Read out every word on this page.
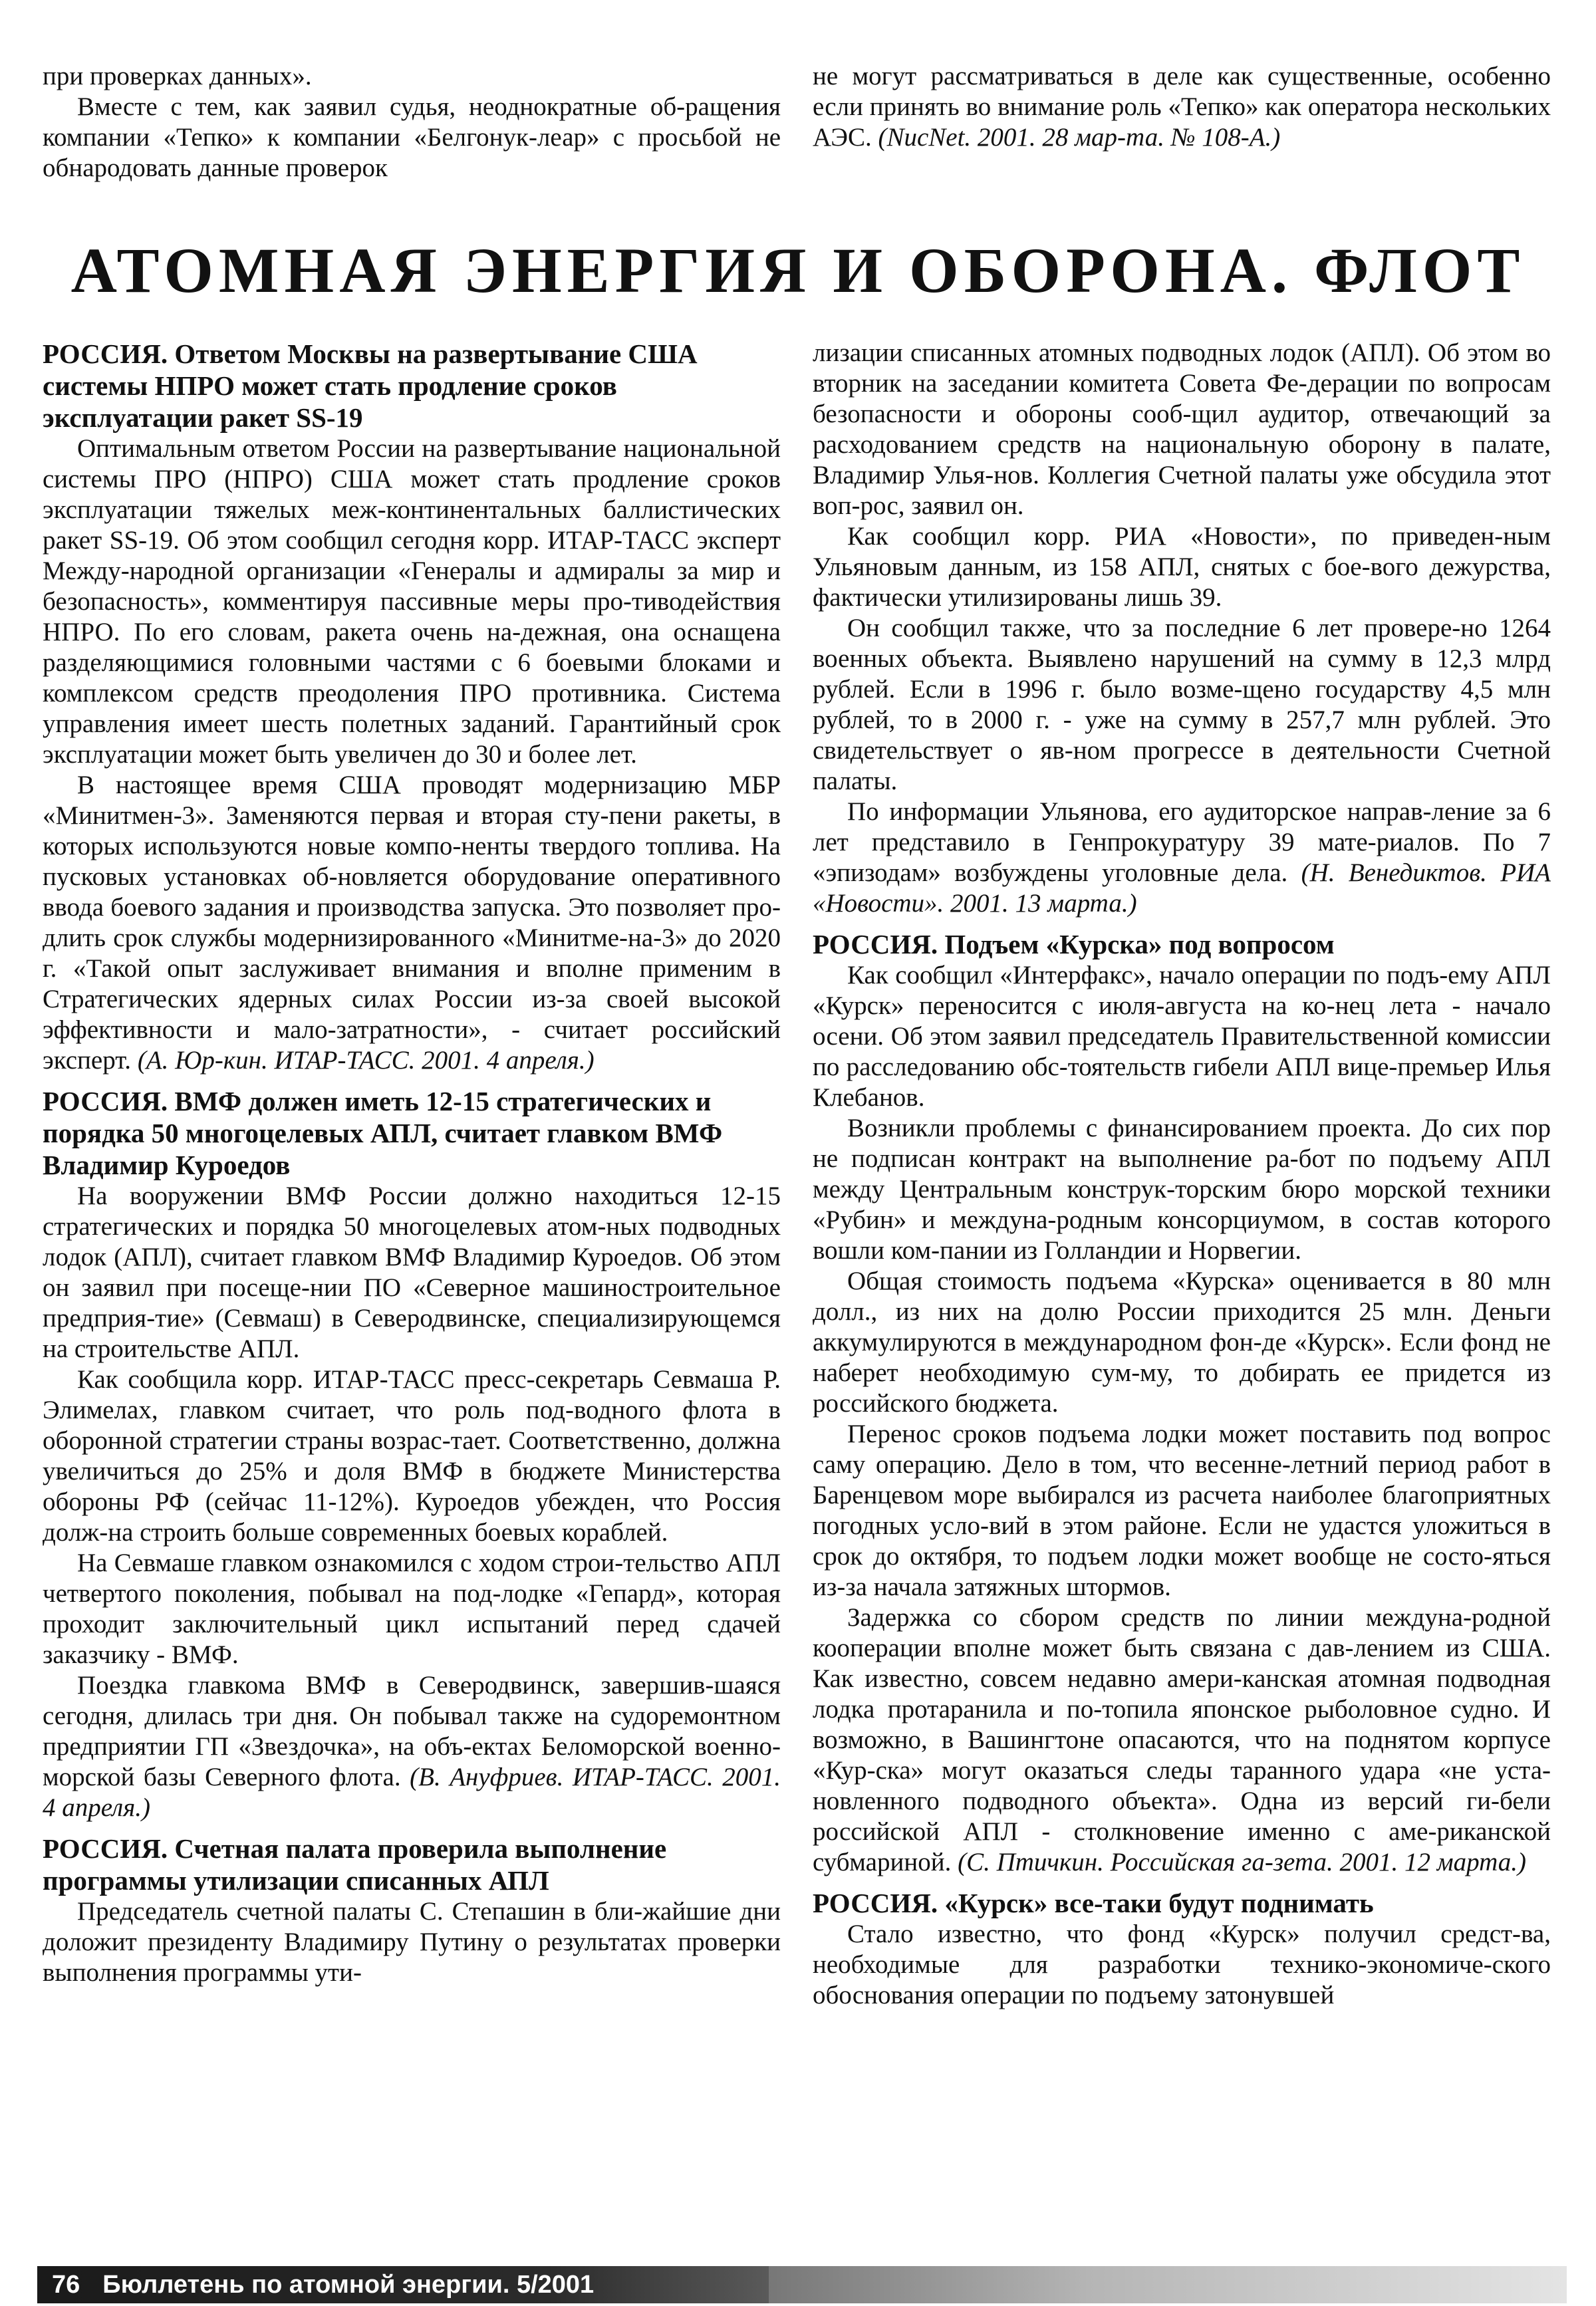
при проверках данных».

Вместе с тем, как заявил судья, неоднократные об-ращения компании «Тепко» к компании «Белгонук-леар» с просьбой не обнародовать данные проверок

не могут рассматриваться в деле как существенные, особенно если принять во внимание роль «Тепко» как оператора нескольких АЭС. (NucNet. 2001. 28 мар-та. № 108-А.)

АТОМНАЯ ЭНЕРГИЯ И ОБОРОНА. ФЛОТ
РОССИЯ. Ответом Москвы на развертывание США системы НПРО может стать продление сроков эксплуатации ракет SS-19

Оптимальным ответом России на развертывание национальной системы ПРО (НПРО) США может стать продление сроков эксплуатации тяжелых меж-континентальных баллистических ракет SS-19. Об этом сообщил сегодня корр. ИТАР-ТАСС эксперт Между-народной организации «Генералы и адмиралы за мир и безопасность», комментируя пассивные меры про-тиводействия НПРО. По его словам, ракета очень на-дежная, она оснащена разделяющимися головными частями с 6 боевыми блоками и комплексом средств преодоления ПРО противника. Система управления имеет шесть полетных заданий. Гарантийный срок эксплуатации может быть увеличен до 30 и более лет.

В настоящее время США проводят модернизацию МБР «Минитмен-3». Заменяются первая и вторая сту-пени ракеты, в которых используются новые компо-ненты твердого топлива. На пусковых установках об-новляется оборудование оперативного ввода боевого задания и производства запуска. Это позволяет про-длить срок службы модернизированного «Минитме-на-3» до 2020 г. «Такой опыт заслуживает внимания и вполне применим в Стратегических ядерных силах России из-за своей высокой эффективности и мало-затратности», - считает российский эксперт. (А. Юр-кин. ИТАР-ТАСС. 2001. 4 апреля.)

РОССИЯ. ВМФ должен иметь 12-15 стратегических и порядка 50 многоцелевых АПЛ, считает главком ВМФ Владимир Куроедов

На вооружении ВМФ России должно находиться 12-15 стратегических и порядка 50 многоцелевых атом-ных подводных лодок (АПЛ), считает главком ВМФ Владимир Куроедов. Об этом он заявил при посеще-нии ПО «Северное машиностроительное предприя-тие» (Севмаш) в Северодвинске, специализирующемся на строительстве АПЛ.

Как сообщила корр. ИТАР-ТАСС пресс-секретарь Севмаша Р. Элимелах, главком считает, что роль под-водного флота в оборонной стратегии страны возрас-тает. Соответственно, должна увеличиться до 25% и доля ВМФ в бюджете Министерства обороны РФ (сейчас 11-12%). Куроедов убежден, что Россия долж-на строить больше современных боевых кораблей.

На Севмаше главком ознакомился с ходом строи-тельство АПЛ четвертого поколения, побывал на под-лодке «Гепард», которая проходит заключительный цикл испытаний перед сдачей заказчику - ВМФ.

Поездка главкома ВМФ в Северодвинск, завершив-шаяся сегодня, длилась три дня. Он побывал также на судоремонтном предприятии ГП «Звездочка», на объ-ектах Беломорской военно-морской базы Северного флота. (В. Ануфриев. ИТАР-ТАСС. 2001. 4 апреля.)

РОССИЯ. Счетная палата проверила выполнение программы утилизации списанных АПЛ

Председатель счетной палаты С. Степашин в бли-жайшие дни доложит президенту Владимиру Путину о результатах проверки выполнения программы ути-

лизации списанных атомных подводных лодок (АПЛ). Об этом во вторник на заседании комитета Совета Фе-дерации по вопросам безопасности и обороны сооб-щил аудитор, отвечающий за расходованием средств на национальную оборону в палате, Владимир Улья-нов. Коллегия Счетной палаты уже обсудила этот воп-рос, заявил он.

Как сообщил корр. РИА «Новости», по приведен-ным Ульяновым данным, из 158 АПЛ, снятых с боe-вого дежурства, фактически утилизированы лишь 39.

Он сообщил также, что за последние 6 лет провере-но 1264 военных объекта. Выявлено нарушений на сумму в 12,3 млрд рублей. Если в 1996 г. было возме-щено государству 4,5 млн рублей, то в 2000 г. - уже на сумму в 257,7 млн рублей. Это свидетельствует о яв-ном прогрессе в деятельности Счетной палаты.

По информации Ульянова, его аудиторское направ-ление за 6 лет представило в Генпрокуратуру 39 мате-риалов. По 7 «эпизодам» возбуждены уголовные дела. (Н. Венедиктов. РИА «Новости». 2001. 13 марта.)

РОССИЯ. Подъем «Курска» под вопросом

Как сообщил «Интерфакс», начало операции по подъ-ему АПЛ «Курск» переносится с июля-августа на ко-нец лета - начало осени. Об этом заявил председатель Правительственной комиссии по расследованию обс-тоятельств гибели АПЛ вице-премьер Илья Клебанов.

Возникли проблемы с финансированием проекта. До сих пор не подписан контракт на выполнение ра-бот по подъему АПЛ между Центральным конструк-торским бюро морской техники «Рубин» и междуна-родным консорциумом, в состав которого вошли ком-пании из Голландии и Норвегии.

Общая стоимость подъема «Курска» оценивается в 80 млн долл., из них на долю России приходится 25 млн. Деньги аккумулируются в международном фон-де «Курск». Если фонд не наберет необходимую сум-му, то добирать ее придется из российского бюджета.

Перенос сроков подъема лодки может поставить под вопрос саму операцию. Дело в том, что весенне-летний период работ в Баренцевом море выбирался из расчета наиболее благоприятных погодных усло-вий в этом районе. Если не удастся уложиться в срок до октября, то подъем лодки может вообще не состо-яться из-за начала затяжных штормов.

Задержка со сбором средств по линии междуна-родной кооперации вполне может быть связана с дав-лением из США. Как известно, совсем недавно амери-канская атомная подводная лодка протаранила и по-топила японское рыболовное судно. И возможно, в Вашингтоне опасаются, что на поднятом корпусе «Кур-ска» могут оказаться следы таранного удара «не уста-новленного подводного объекта». Одна из версий ги-бели российской АПЛ - столкновение именно с аме-риканской субмариной. (С. Птичкин. Российская га-зета. 2001. 12 марта.)

РОССИЯ. «Курск» все-таки будут поднимать

Стало известно, что фонд «Курск» получил средст-ва, необходимые для разработки технико-экономиче-ского обоснования операции по подъему затонувшей

76 Бюллетень по атомной энергии. 5/2001
